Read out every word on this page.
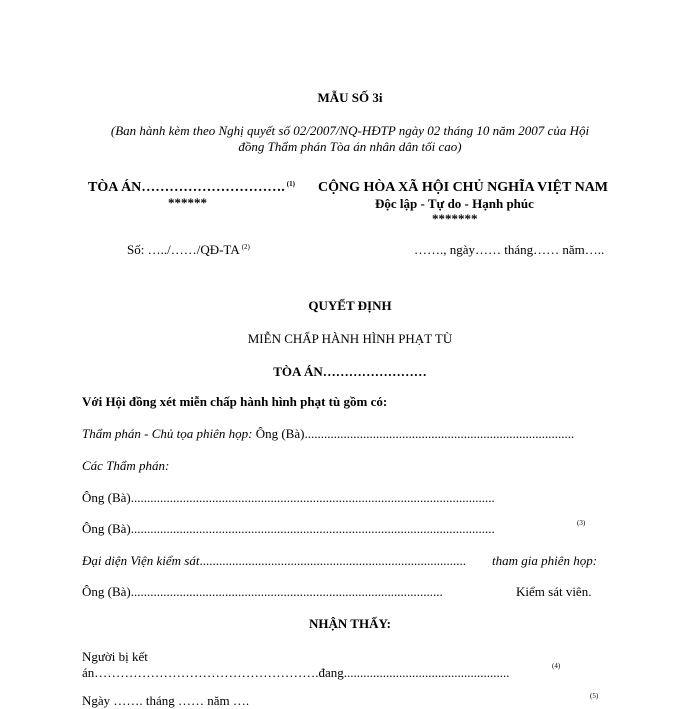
MẪU SỐ 3i
(Ban hành kèm theo Nghị quyết số 02/2007/NQ-HĐTP ngày 02 tháng 10 năm 2007 của Hội
đồng Thẩm phán Tòa án nhân dân tối cao)
TÒA ÁN…………………………. $^{(1)}$
******
CỘNG HÒA XÃ HỘI CHỦ NGHĨA VIỆT NAM
Độc lập - Tự do - Hạnh phúc
*******
Số: …../……/QĐ-TA $^{(2)}$	……., ngày…… tháng…… năm…..
QUYẾT ĐỊNH
MIỄN CHẤP HÀNH HÌNH PHẠT TÙ
TÒA ÁN……………………
Với Hội đồng xét miễn chấp hành hình phạt tù gồm có:
Thẩm phán - Chủ tọa phiên họp: Ông (Bà)...................................................................................
Các Thẩm phán:
Ông (Bà)................................................................................................................
Ông (Bà)................................................................................................................	(3)
Đại diện Viện kiểm sát.................................................................................. tham gia phiên họp:
Ông (Bà)................................................................................................	Kiểm sát viên.
NHẬN THẤY:
Người bị kết
án…………………………………………….đang...................................................	(4)
Ngày ……. tháng …… năm ….	(5)
